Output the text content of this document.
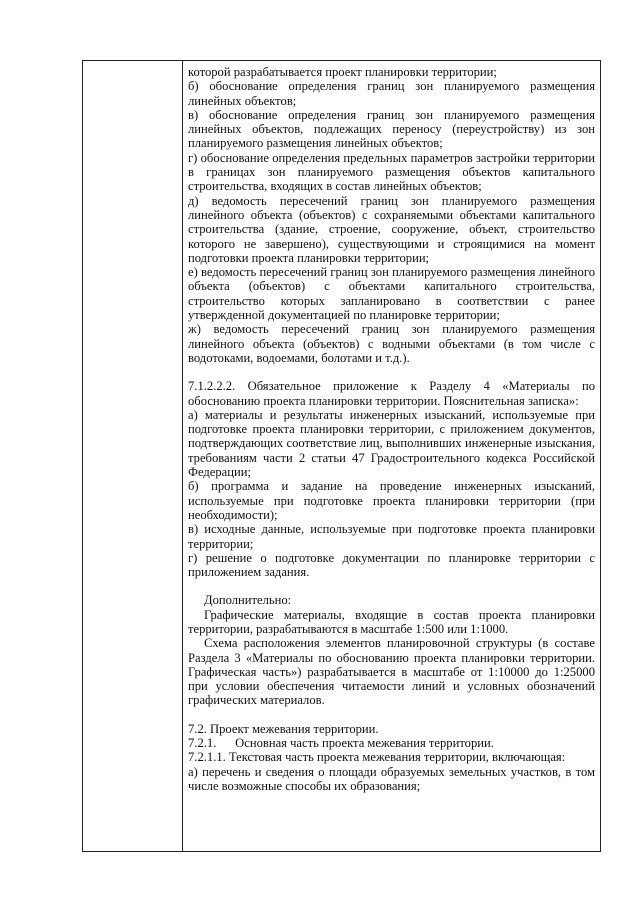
которой разрабатывается проект планировки территории;

б) обоснование определения границ зон планируемого размещения линейных объектов;

в) обоснование определения границ зон планируемого размещения линейных объектов, подлежащих переносу (переустройству) из зон планируемого размещения линейных объектов;

г) обоснование определения предельных параметров застройки территории в границах зон планируемого размещения объектов капитального строительства, входящих в состав линейных объектов;

д) ведомость пересечений границ зон планируемого размещения линейного объекта (объектов) с сохраняемыми объектами капитального строительства (здание, строение, сооружение, объект, строительство которого не завершено), существующими и строящимися на момент подготовки проекта планировки территории;

е) ведомость пересечений границ зон планируемого размещения линейного объекта (объектов) с объектами капитального строительства, строительство которых запланировано в соответствии с ранее утвержденной документацией по планировке территории;

ж) ведомость пересечений границ зон планируемого размещения линейного объекта (объектов) с водными объектами (в том числе с водотоками, водоемами, болотами и т.д.).

7.1.2.2.2. Обязательное приложение к Разделу 4 «Материалы по обоснованию проекта планировки территории. Пояснительная записка»:

а) материалы и результаты инженерных изысканий, используемые при подготовке проекта планировки территории, с приложением документов, подтверждающих соответствие лиц, выполнивших инженерные изыскания, требованиям части 2 статьи 47 Градостроительного кодекса Российской Федерации;

б) программа и задание на проведение инженерных изысканий, используемые при подготовке проекта планировки территории (при необходимости);

в) исходные данные, используемые при подготовке проекта планировки территории;

г) решение о подготовке документации по планировке территории с приложением задания.

Дополнительно:

Графические материалы, входящие в состав проекта планировки территории, разрабатываются в масштабе 1:500 или 1:1000.

Схема расположения элементов планировочной структуры (в составе Раздела 3 «Материалы по обоснованию проекта планировки территории. Графическая часть») разрабатывается в масштабе от 1:10000 до 1:25000 при условии обеспечения читаемости линий и условных обозначений графических материалов.

7.2. Проект межевания территории.

7.2.1. Основная часть проекта межевания территории.

7.2.1.1. Текстовая часть проекта межевания территории, включающая:

а) перечень и сведения о площади образуемых земельных участков, в том числе возможные способы их образования;
